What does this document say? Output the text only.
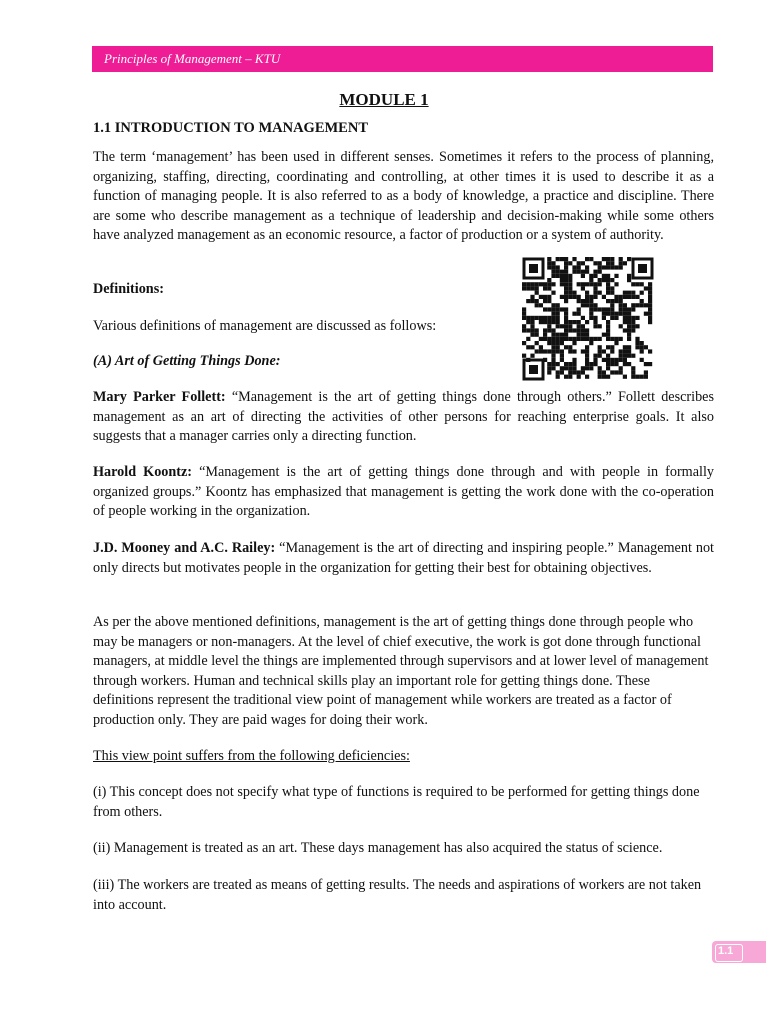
Principles of Management – KTU
MODULE 1
1.1 INTRODUCTION TO MANAGEMENT

The term ‘management’ has been used in different senses. Sometimes it refers to the process of planning, organizing, staffing, directing, coordinating and controlling, at other times it is used to describe it as a function of managing people. It is also referred to as a body of knowledge, a practice and discipline. There are some who describe management as a technique of leadership and decision-making while some others have analyzed management as an economic resource, a factor of production or a system of authority.

Definitions:

Various definitions of management are discussed as follows:

(A) Art of Getting Things Done:

Mary Parker Follett: “Management is the art of getting things done through others.” Follett describes management as an art of directing the activities of other persons for reaching enterprise goals. It also suggests that a manager carries only a directing function.

Harold Koontz: “Management is the art of getting things done through and with people in formally organized groups.” Koontz has emphasized that management is getting the work done with the co-operation of people working in the organization.

J.D. Mooney and A.C. Railey: “Management is the art of directing and inspiring people.” Management not only directs but motivates people in the organization for getting their best for obtaining objectives.

As per the above mentioned definitions, management is the art of getting things done through people who may be managers or non-managers. At the level of chief executive, the work is got done through functional managers, at middle level the things are implemented through supervisors and at lower level of management through workers. Human and technical skills play an important role for getting things done. These definitions represent the traditional view point of management while workers are treated as a factor of production only. They are paid wages for doing their work.

This view point suffers from the following deficiencies:

(i) This concept does not specify what type of functions is required to be performed for getting things done from others.

(ii) Management is treated as an art. These days management has also acquired the status of science.

(iii) The workers are treated as means of getting results. The needs and aspirations of workers are not taken into account.

1.1
